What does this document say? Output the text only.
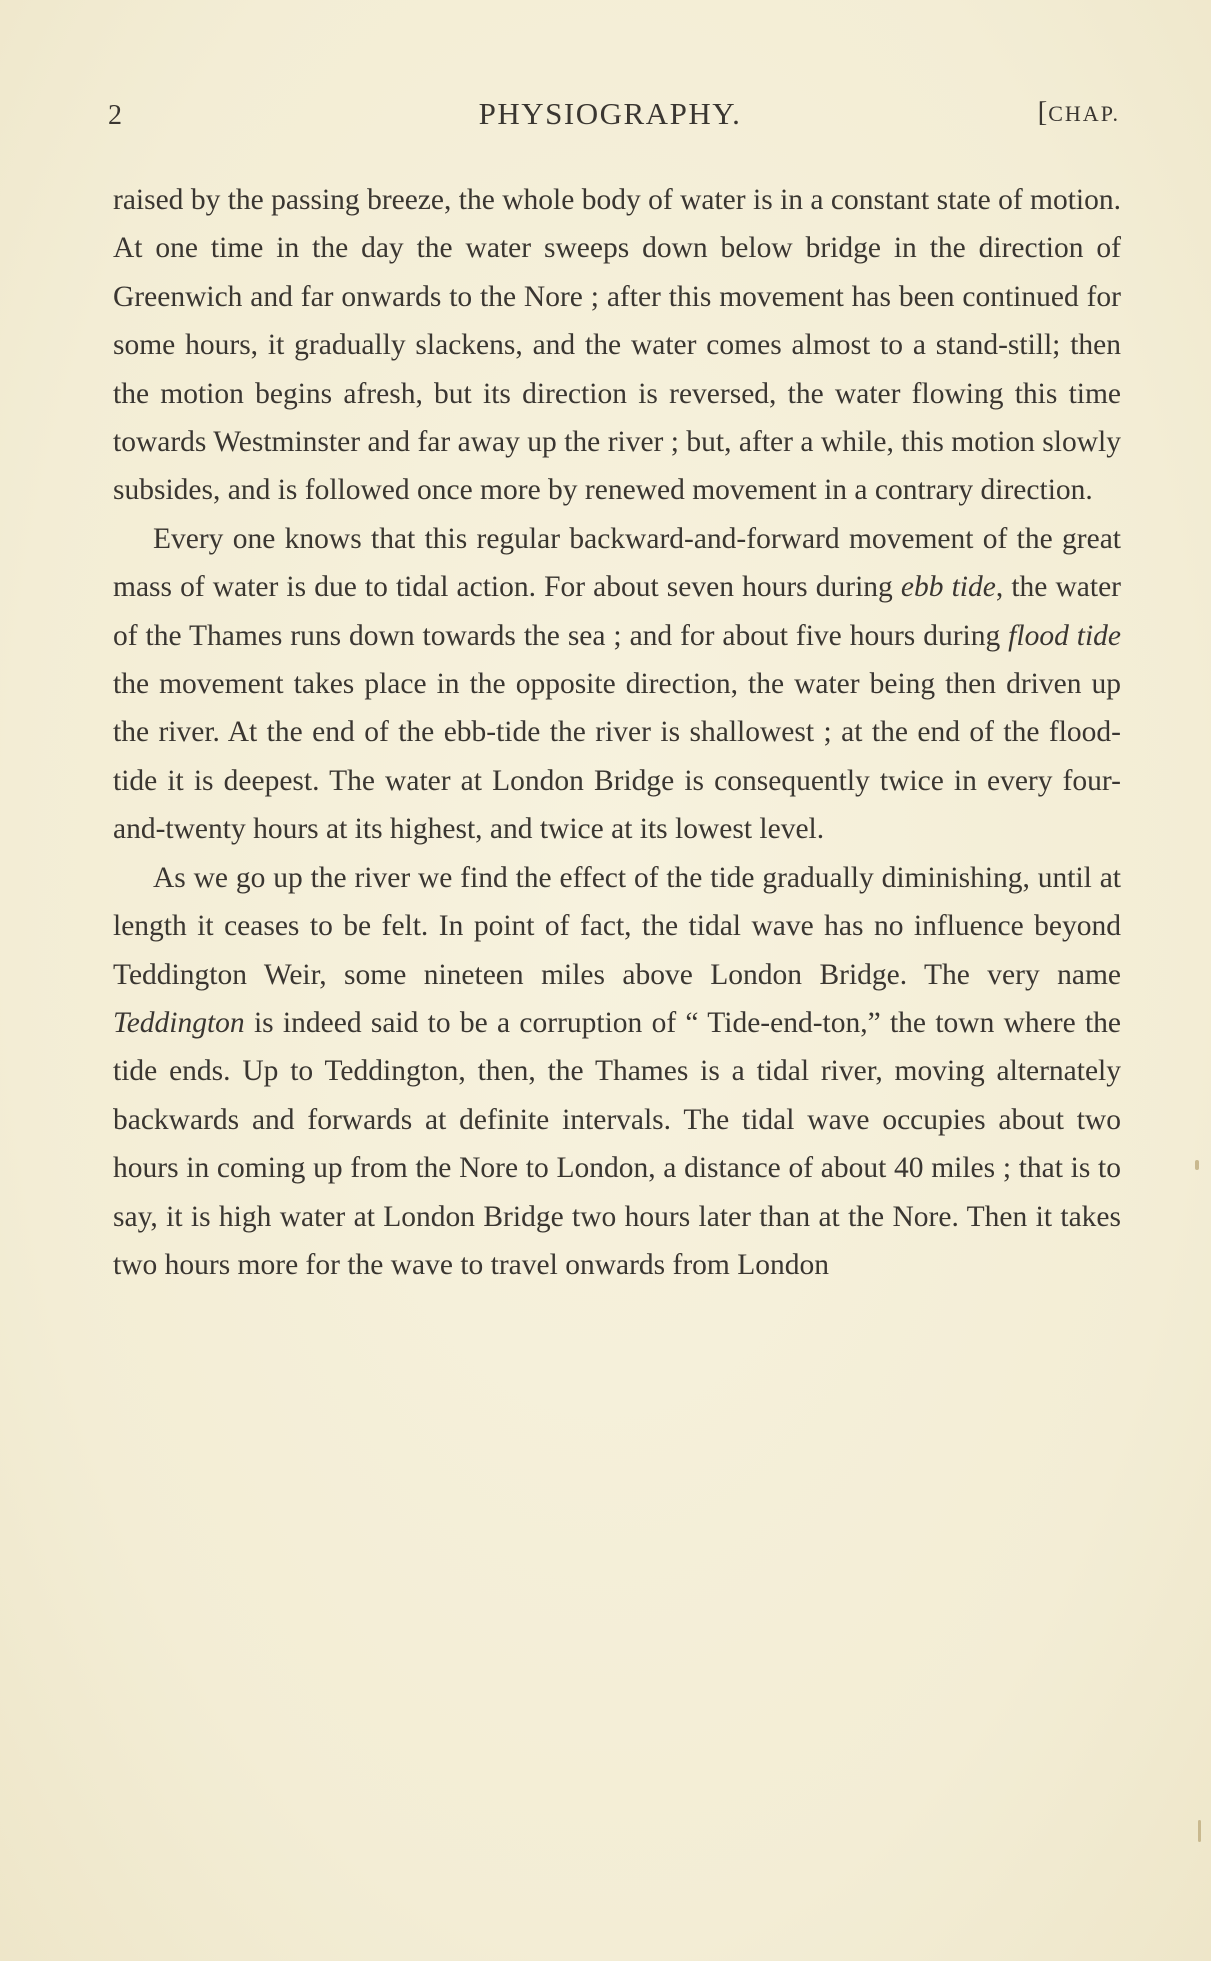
2	PHYSIOGRAPHY.	[CHAP.

raised by the passing breeze, the whole body of water is in a constant state of motion. At one time in the day the water sweeps down below bridge in the direction of Greenwich and far onwards to the Nore ; after this movement has been continued for some hours, it gradually slackens, and the water comes almost to a stand-still; then the motion begins afresh, but its direction is reversed, the water flowing this time towards Westminster and far away up the river ; but, after a while, this motion slowly subsides, and is followed once more by renewed movement in a contrary direction.

Every one knows that this regular backward-and-forward movement of the great mass of water is due to tidal action. For about seven hours during ebb tide, the water of the Thames runs down towards the sea ; and for about five hours during flood tide the movement takes place in the opposite direction, the water being then driven up the river. At the end of the ebb-tide the river is shallowest ; at the end of the flood-tide it is deepest. The water at London Bridge is consequently twice in every four-and-twenty hours at its highest, and twice at its lowest level.

As we go up the river we find the effect of the tide gradually diminishing, until at length it ceases to be felt. In point of fact, the tidal wave has no influence beyond Teddington Weir, some nineteen miles above London Bridge. The very name Teddington is indeed said to be a corruption of “ Tide-end-ton,” the town where the tide ends. Up to Teddington, then, the Thames is a tidal river, moving alternately backwards and forwards at definite intervals. The tidal wave occupies about two hours in coming up from the Nore to London, a distance of about 40 miles ; that is to say, it is high water at London Bridge two hours later than at the Nore. Then it takes two hours more for the wave to travel onwards from London
